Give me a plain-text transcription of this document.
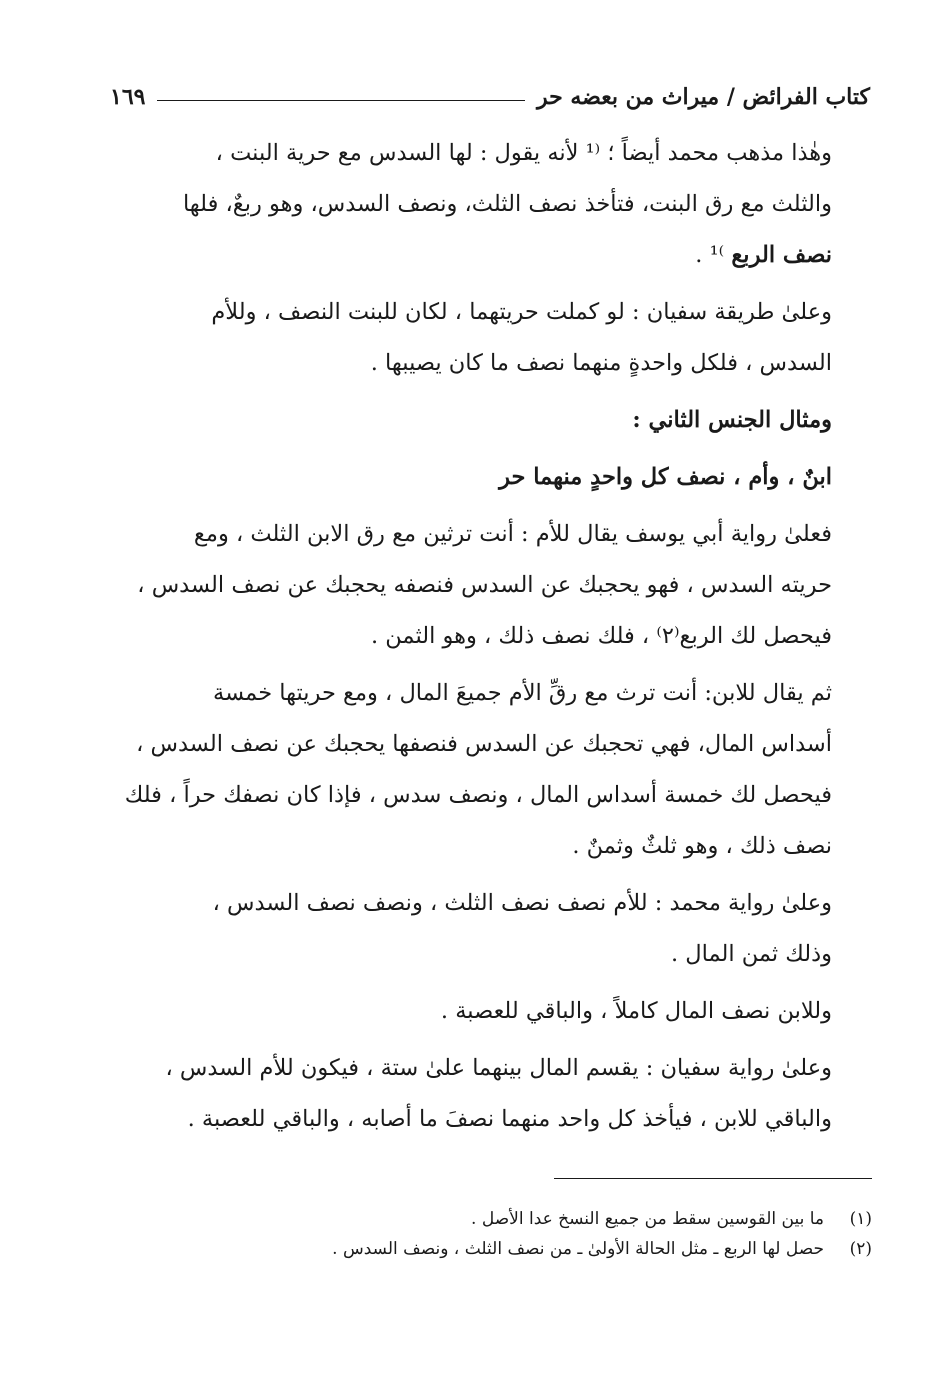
كتاب الفرائض / ميراث من بعضه حر
١٦٩

وهٰذا مذهب محمد أيضاً ؛ ⁽¹ لأنه يقول : لها السدس مع حرية البنت ،
والثلث مع رق البنت، فتأخذ نصف الثلث، ونصف السدس، وهو ربعٌ، فلها
نصف الربع ⁾¹ .

وعلىٰ طريقة سفيان : لو كملت حريتهما ، لكان للبنت النصف ، وللأم
السدس ، فلكل واحدةٍ منهما نصف ما كان يصيبها .

ومثال الجنس الثاني :

ابنٌ ، وأم ، نصف كل واحدٍ منهما حر

فعلىٰ رواية أبي يوسف يقال للأم : أنت ترثين مع رق الابن الثلث ، ومع
حريته السدس ، فهو يحجبك عن السدس فنصفه يحجبك عن نصف السدس ،
فيحصل لك الربع⁽٢⁾ ، فلك نصف ذلك ، وهو الثمن .

ثم يقال للابن: أنت ترث مع رقِّ الأم جميعَ المال ، ومع حريتها خمسة
أسداس المال، فهي تحجبك عن السدس فنصفها يحجبك عن نصف السدس ،
فيحصل لك خمسة أسداس المال ، ونصف سدس ، فإذا كان نصفك حراً ، فلك
نصف ذلك ، وهو ثلثٌ وثمنٌ .

وعلىٰ رواية محمد : للأم نصف نصف الثلث ، ونصف نصف السدس ،
وذلك ثمن المال .

وللابن نصف المال كاملاً ، والباقي للعصبة .

وعلىٰ رواية سفيان : يقسم المال بينهما علىٰ ستة ، فيكون للأم السدس ،
والباقي للابن ، فيأخذ كل واحد منهما نصفَ ما أصابه ، والباقي للعصبة .

(١)
ما بين القوسين سقط من جميع النسخ عدا الأصل .
(٢)
حصل لها الربع ـ مثل الحالة الأولىٰ ـ من نصف الثلث ، ونصف السدس .
